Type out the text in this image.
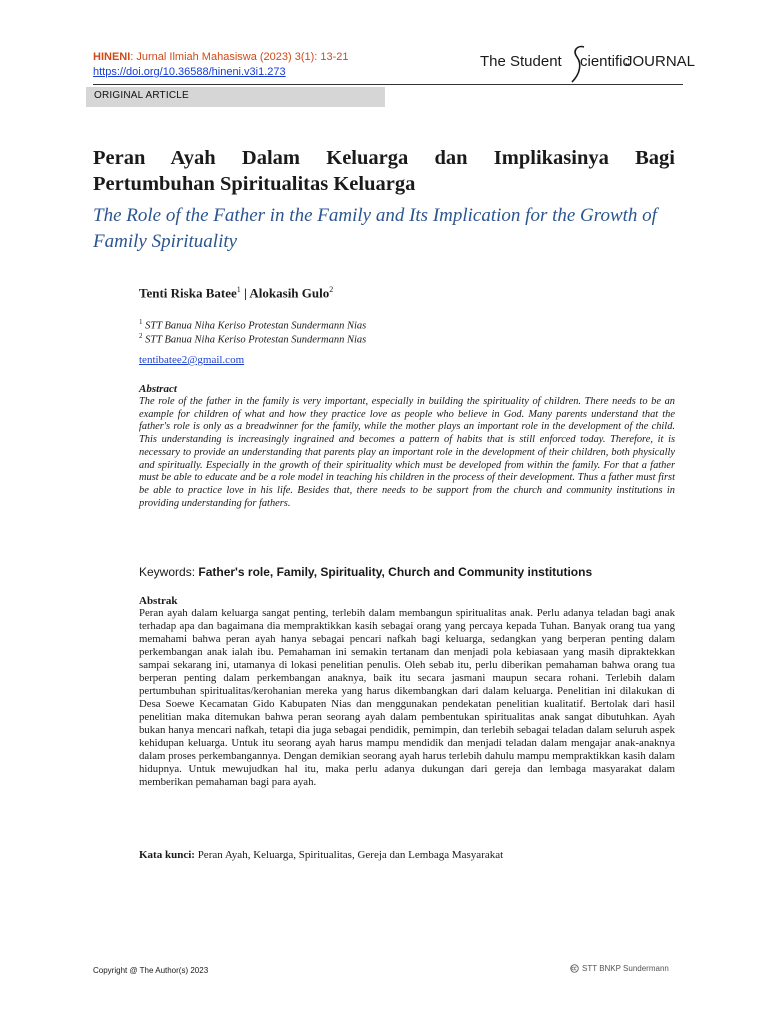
HINENI: Jurnal Ilmiah Mahasiswa (2023) 3(1): 13-21
https://doi.org/10.36588/hineni.v3i1.273
The Student cientific
JOURNAL
ORIGINAL ARTICLE
Peran Ayah Dalam Keluarga dan Implikasinya Bagi Pertumbuhan Spiritualitas Keluarga
The Role of the Father in the Family and Its Implication for the Growth of Family Spirituality
Tenti Riska Batee$^1$ | Alokasih Gulo$^2$
$^1$ STT Banua Niha Keriso Protestan Sundermann Nias
$^2$ STT Banua Niha Keriso Protestan Sundermann Nias
tentibatee2@gmail.com
Abstract

The role of the father in the family is very important, especially in building the spirituality of children. There needs to be an example for children of what and how they practice love as people who believe in God. Many parents understand that the father's role is only as a breadwinner for the family, while the mother plays an important role in the development of the child. This understanding is increasingly ingrained and becomes a pattern of habits that is still enforced today. Therefore, it is necessary to provide an understanding that parents play an important role in the development of their children, both physically and spiritually. Especially in the growth of their spirituality which must be developed from within the family. For that a father must be able to educate and be a role model in teaching his children in the process of their development. Thus a father must first be able to practice love in his life. Besides that, there needs to be support from the church and community institutions in providing understanding for fathers.

Keywords: Father's role, Family, Spirituality, Church and Community institutions
Abstrak

Peran ayah dalam keluarga sangat penting, terlebih dalam membangun spiritualitas anak. Perlu adanya teladan bagi anak terhadap apa dan bagaimana dia mempraktikkan kasih sebagai orang yang percaya kepada Tuhan. Banyak orang tua yang memahami bahwa peran ayah hanya sebagai pencari nafkah bagi keluarga, sedangkan yang berperan penting dalam perkembangan anak ialah ibu. Pemahaman ini semakin tertanam dan menjadi pola kebiasaan yang masih dipraktekkan sampai sekarang ini, utamanya di lokasi penelitian penulis. Oleh sebab itu, perlu diberikan pemahaman bahwa orang tua berperan penting dalam perkembangan anaknya, baik itu secara jasmani maupun secara rohani. Terlebih dalam pertumbuhan spiritualitas/kerohanian mereka yang harus dikembangkan dari dalam keluarga. Penelitian ini dilakukan di Desa Soewe Kecamatan Gido Kabupaten Nias dan menggunakan pendekatan penelitian kualitatif. Bertolak dari hasil penelitian maka ditemukan bahwa peran seorang ayah dalam pembentukan spiritualitas anak sangat dibutuhkan. Ayah bukan hanya mencari nafkah, tetapi dia juga sebagai pendidik, pemimpin, dan terlebih sebagai teladan dalam seluruh aspek kehidupan keluarga. Untuk itu seorang ayah harus mampu mendidik dan menjadi teladan dalam mengajar anak-anaknya dalam proses perkembangannya. Dengan demikian seorang ayah harus terlebih dahulu mampu mempraktikkan kasih dalam hidupnya. Untuk mewujudkan hal itu, maka perlu adanya dukungan dari gereja dan lembaga masyarakat dalam memberikan pemahaman bagi para ayah.

Kata kunci: Peran Ayah, Keluarga, Spiritualitas, Gereja dan Lembaga Masyarakat
Copyright @ The Author(s) 2023	STT BNKP Sundermann
